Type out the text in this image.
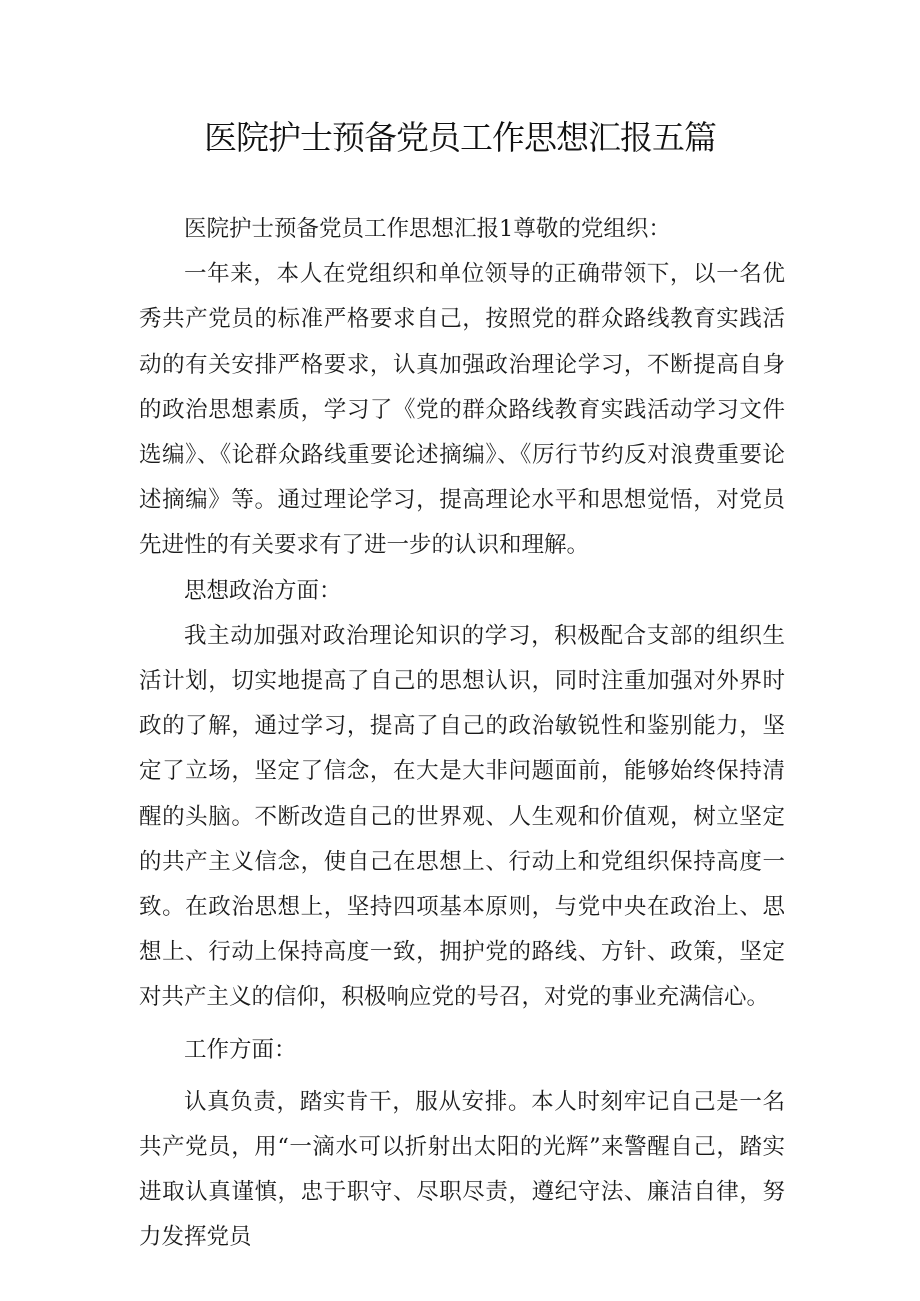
医院护士预备党员工作思想汇报五篇

医院护士预备党员工作思想汇报1尊敬的党组织：

一年来，本人在党组织和单位领导的正确带领下，以一名优秀共产党员的标准严格要求自己，按照党的群众路线教育实践活动的有关安排严格要求，认真加强政治理论学习，不断提高自身的政治思想素质，学习了《党的群众路线教育实践活动学习文件选编》、《论群众路线重要论述摘编》、《厉行节约反对浪费重要论述摘编》等。通过理论学习，提高理论水平和思想觉悟，对党员先进性的有关要求有了进一步的认识和理解。

思想政治方面：

我主动加强对政治理论知识的学习，积极配合支部的组织生活计划，切实地提高了自己的思想认识，同时注重加强对外界时政的了解，通过学习，提高了自己的政治敏锐性和鉴别能力，坚定了立场，坚定了信念，在大是大非问题面前，能够始终保持清醒的头脑。不断改造自己的世界观、人生观和价值观，树立坚定的共产主义信念，使自己在思想上、行动上和党组织保持高度一致。在政治思想上，坚持四项基本原则，与党中央在政治上、思想上、行动上保持高度一致，拥护党的路线、方针、政策，坚定对共产主义的信仰，积极响应党的号召，对党的事业充满信心。

工作方面：

认真负责，踏实肯干，服从安排。本人时刻牢记自己是一名共产党员，用“一滴水可以折射出太阳的光辉”来警醒自己，踏实进取认真谨慎，忠于职守、尽职尽责，遵纪守法、廉洁自律，努力发挥党员
